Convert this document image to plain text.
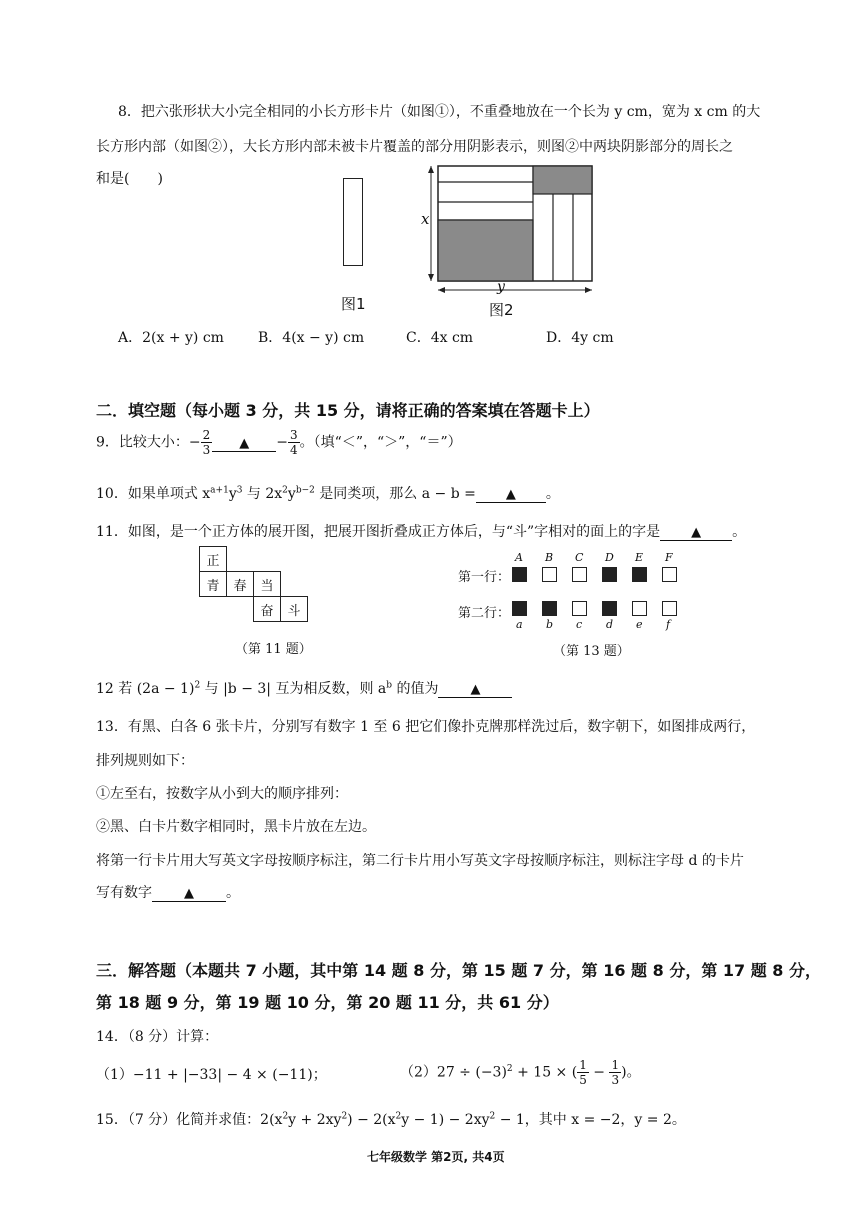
8．把六张形状大小完全相同的小长方形卡片（如图①），不重叠地放在一个长为 y cm，宽为 x cm 的大
长方形内部（如图②），大长方形内部未被卡片覆盖的部分用阴影表示，则图②中两块阴影部分的周长之
和是(　　)
图1
x
y
图2
A．2(x + y) cm B．4(x − y) cm	C．4x cm	D．4y cm
二．填空题（每小题 3 分，共 15 分，请将正确的答案填在答题卡上）
9．比较大小：− $\frac{2}{3}$ ▲ − $\frac{3}{4}$ 。（填“＜”，“＞”，“＝”）
10．如果单项式 $x^{a+1}y^3$ 与 $2x^2y^{b-2}$ 是同类项，那么 a − b = ▲ 。
11．如图，是一个正方体的展开图，把展开图折叠成正方体后，与“斗”字相对的面上的字是 ▲ 。
正			
青	春	当	
		奋	斗
（第 11 题）
第一行：
第二行：
A
a
B
b
C
c
D
d
E
e
F
f
（第 13 题）
12 若 $(2a - 1)^2$ 与 |b − 3| 互为相反数，则 $a^b$ 的值为 ▲
13．有黑、白各 6 张卡片，分别写有数字 1 至 6 把它们像扑克牌那样洗过后，数字朝下，如图排成两行，
排列规则如下：
①左至右，按数字从小到大的顺序排列：
②黑、白卡片数字相同时，黑卡片放在左边。
将第一行卡片用大写英文字母按顺序标注，第二行卡片用小写英文字母按顺序标注，则标注字母 d 的卡片
写有数字 ▲ 。
三．解答题（本题共 7 小题，其中第 14 题 8 分，第 15 题 7 分，第 16 题 8 分，第 17 题 8 分，
第 18 题 9 分，第 19 题 10 分，第 20 题 11 分，共 61 分）
14．（8 分）计算：
（1）−11 + |−33| − 4 × (−11)；	$(2)27 \div (-3)^2 + 15$ × ( $\frac{1}{5} - \frac{1}{3}$ )。
15．（7 分）化简并求值：$2(x^2y + 2xy^2) - 2(x^2y - 1) - 2xy^2 - 1$，其中 x = −2，y = 2。
七年级数学 第2页, 共4页
